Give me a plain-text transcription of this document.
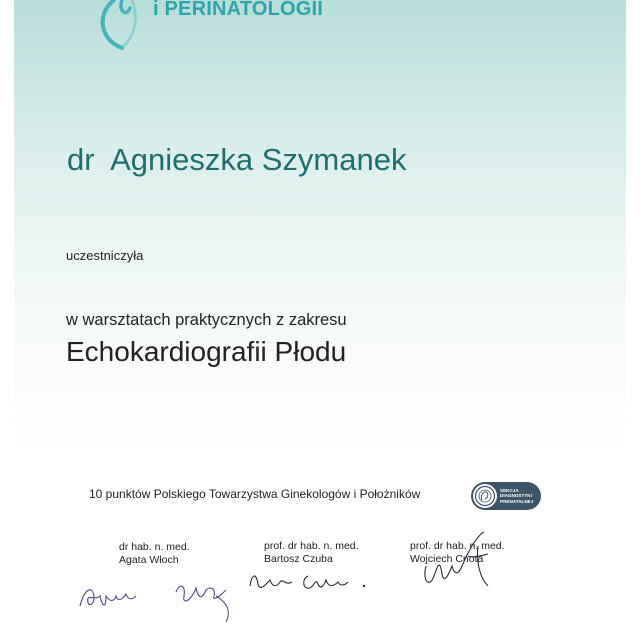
i PERINATOLOGII
dr  Agnieszka Szymanek
uczestniczyła
w warsztatach praktycznych z zakresu
Echokardiografii Płodu
10 punktów Polskiego Towarzystwa Ginekologów i Położników	SEKCJA
DIAGNOSTYKI
PRENATALNEJ
dr hab. n. med.
Agata Włoch
prof. dr hab. n. med.
Bartosz Czuba
prof. dr hab. n. med.
Wojciech Cnota
